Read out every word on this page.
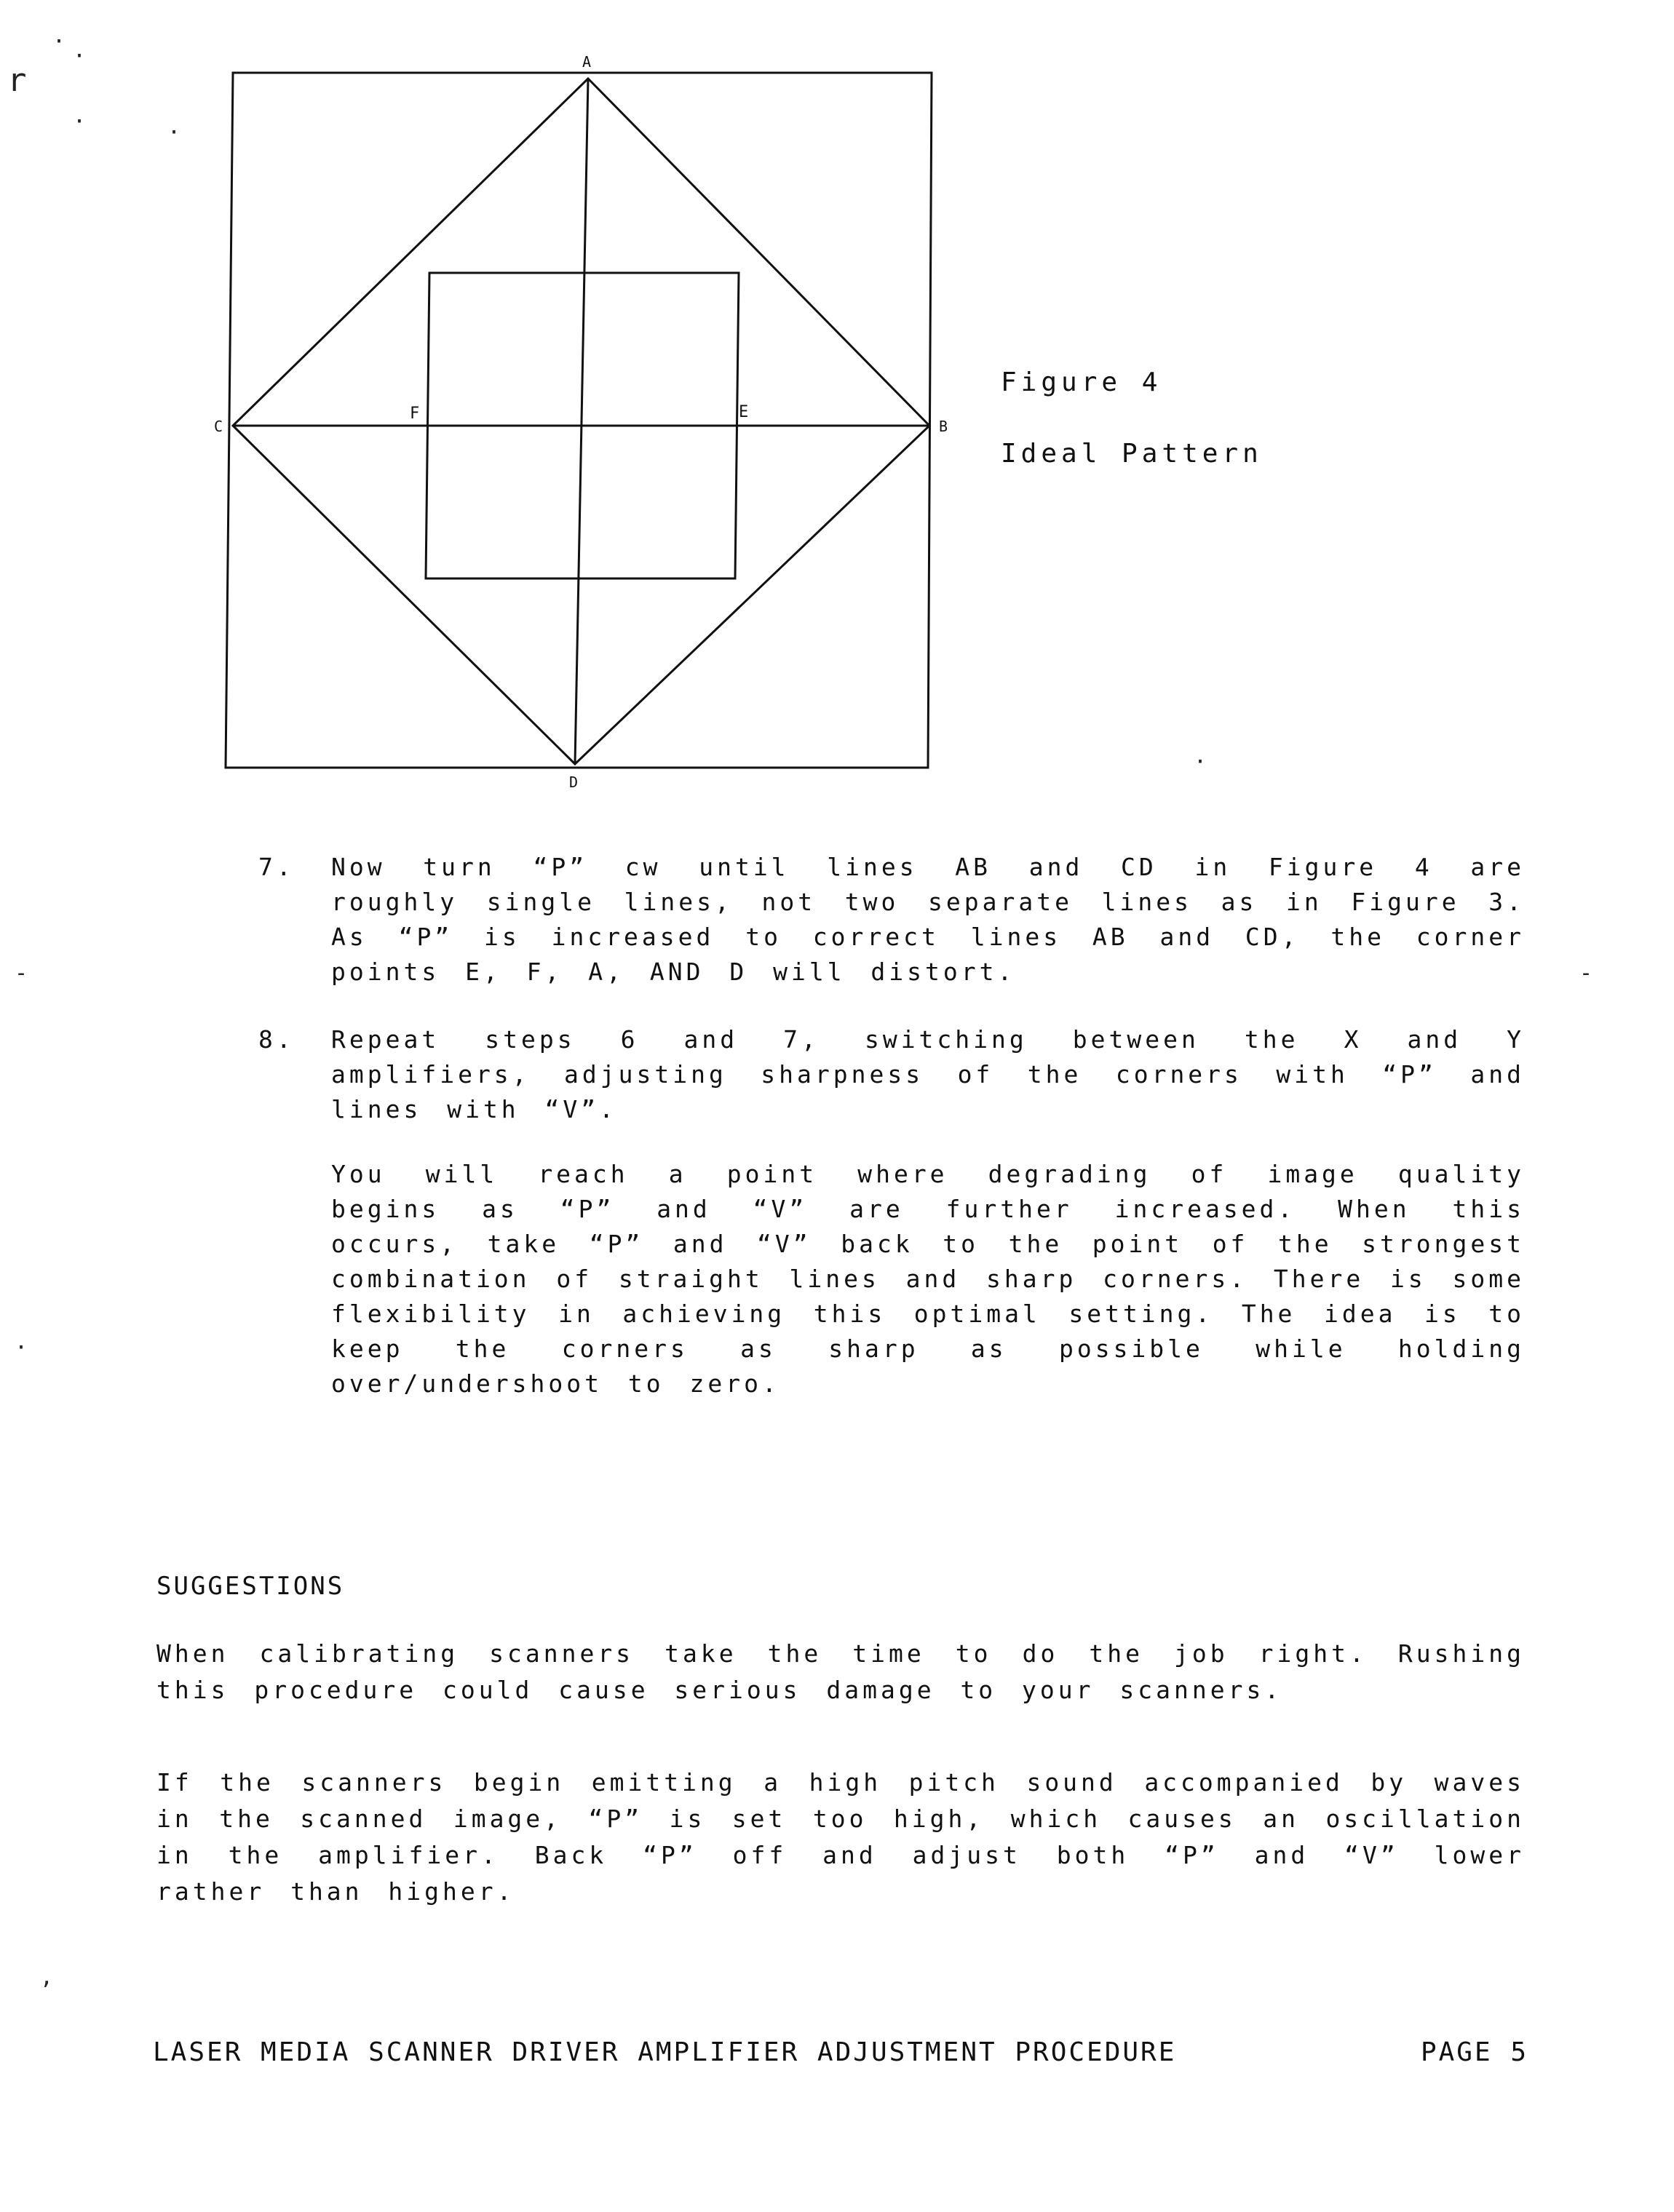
r
·
·
·	·
-
·
-
·
,
A
B
C
D
E
F
Figure 4
Ideal Pattern
7. Now turn “P” cw until lines AB and CD in Figure 4 are roughly single lines, not two separate lines as in Figure 3. As “P” is increased to correct lines AB and CD, the corner points E, F, A, AND D will distort.
8. Repeat steps 6 and 7, switching between the X and Y amplifiers, adjusting sharpness of the corners with “P” and lines with “V”.
You will reach a point where degrading of image quality begins as “P” and “V” are further increased. When this occurs, take “P” and “V” back to the point of the strongest combination of straight lines and sharp corners. There is some flexibility in achieving this optimal setting. The idea is to keep the corners as sharp as possible while holding over/undershoot to zero.
SUGGESTIONS
When calibrating scanners take the time to do the job right. Rushing this procedure could cause serious damage to your scanners.
If the scanners begin emitting a high pitch sound accompanied by waves in the scanned image, “P” is set too high, which causes an oscillation in the amplifier. Back “P” off and adjust both “P” and “V” lower rather than higher.
LASER MEDIA SCANNER DRIVER AMPLIFIER ADJUSTMENT PROCEDURE	PAGE 5
